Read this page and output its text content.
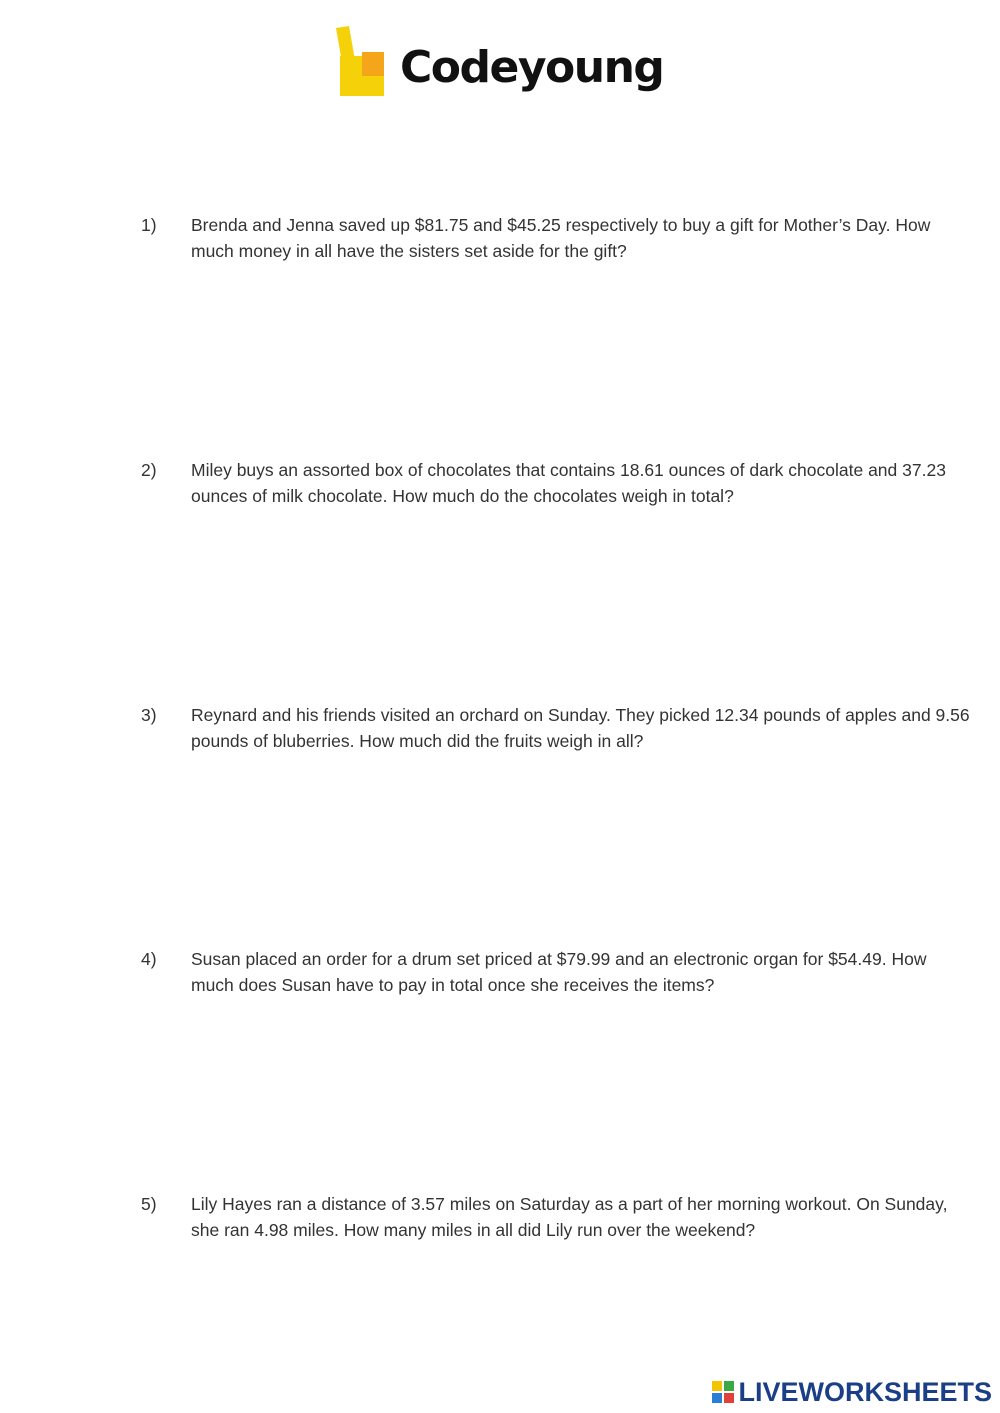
Codeyoung
1)	Brenda and Jenna saved up $81.75 and $45.25 respectively to buy a gift for Mother’s Day. How much money in all have the sisters set aside for the gift?
2)	Miley buys an assorted box of chocolates that contains 18.61 ounces of dark chocolate and 37.23 ounces of milk chocolate. How much do the chocolates weigh in total?
3)	Reynard and his friends visited an orchard on Sunday. They picked 12.34 pounds of apples and 9.56 pounds of bluberries. How much did the fruits weigh in all?
4)	Susan placed an order for a drum set priced at $79.99 and an electronic organ for $54.49. How much does Susan have to pay in total once she receives the items?
5)	Lily Hayes ran a distance of 3.57 miles on Saturday as a part of her morning workout. On Sunday, she ran 4.98 miles. How many miles in all did Lily run over the weekend?
LIVEWORKSHEETS
